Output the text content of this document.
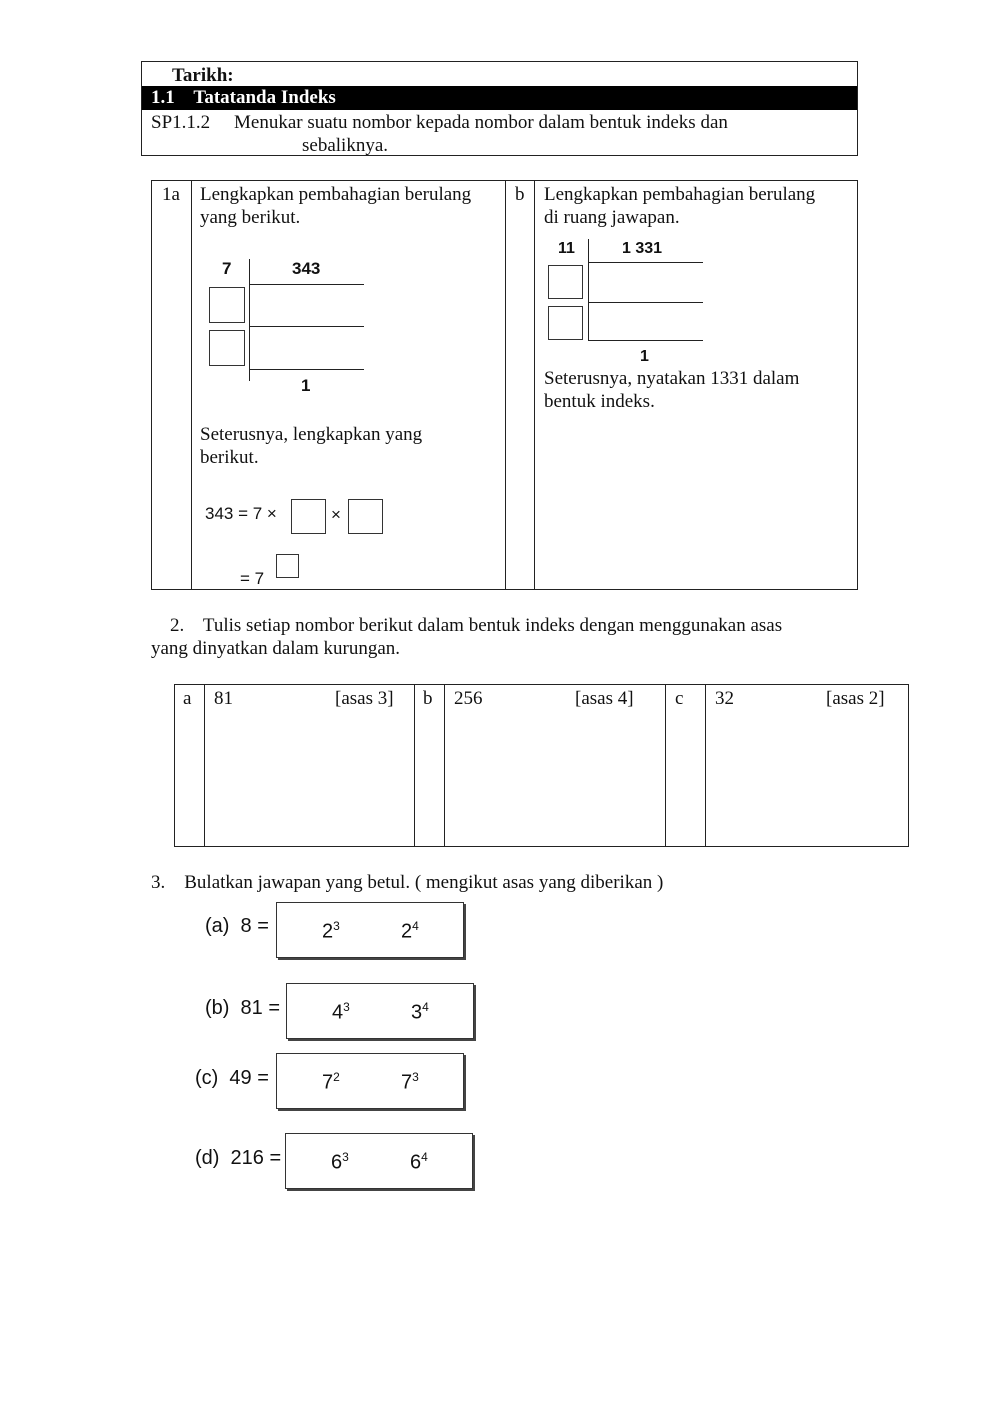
Tarikh:
1.1    Tatatanda Indeks
SP1.1.2 Menukar suatu nombor kepada nombor dalam bentuk indeks dan
sebaliknya.
1a Lengkapkan pembahagian berulang
yang berikut.
7	343
1
Seterusnya, lengkapkan yang
berikut.
343 = 7 ×	×
= 7
b Lengkapkan pembahagian berulang
di ruang jawapan.
11	1 331
1
Seterusnya, nyatakan 1331 dalam
bentuk indeks.
2.    Tulis setiap nombor berikut dalam bentuk indeks dengan menggunakan asas
yang dinyatkan dalam kurungan.
a 81	[asas 3] b 256	[asas 4] c 32	[asas 2]
3.    Bulatkan jawapan yang betul. ( mengikut asas yang diberikan )
(a)  8 =	$2^3$	$2^4$
(b)  81 =	$4^3$	$3^4$
(c)  49 =	$7^2$	$7^3$
(d)  $216 = 6^3$	$6^4$
